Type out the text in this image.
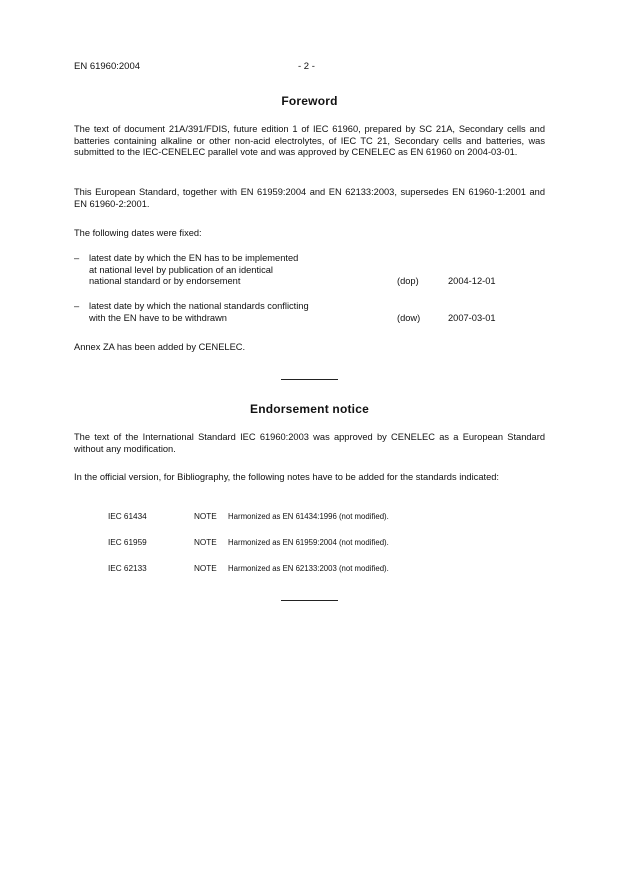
EN 61960:2004	- 2 -
Foreword

The text of document 21A/391/FDIS, future edition 1 of IEC 61960, prepared by SC 21A, Secondary cells and batteries containing alkaline or other non-acid electrolytes, of IEC TC 21, Secondary cells and batteries, was submitted to the IEC-CENELEC parallel vote and was approved by CENELEC as EN 61960 on 2004-03-01.

This European Standard, together with EN 61959:2004 and EN 62133:2003, supersedes EN 61960-1:2001 and EN 61960-2:2001.

The following dates were fixed:

– latest date by which the EN has to be implemented
at national level by publication of an identical
national standard or by endorsement	(dop)	2004-12-01
– latest date by which the national standards conflicting
with the EN have to be withdrawn	(dow)	2007-03-01

Annex ZA has been added by CENELEC.

Endorsement notice

The text of the International Standard IEC 61960:2003 was approved by CENELEC as a European Standard without any modification.

In the official version, for Bibliography, the following notes have to be added for the standards indicated:

IEC 61434	NOTE Harmonized as EN 61434:1996 (not modified).
IEC 61959	NOTE Harmonized as EN 61959:2004 (not modified).
IEC 62133	NOTE Harmonized as EN 62133:2003 (not modified).
